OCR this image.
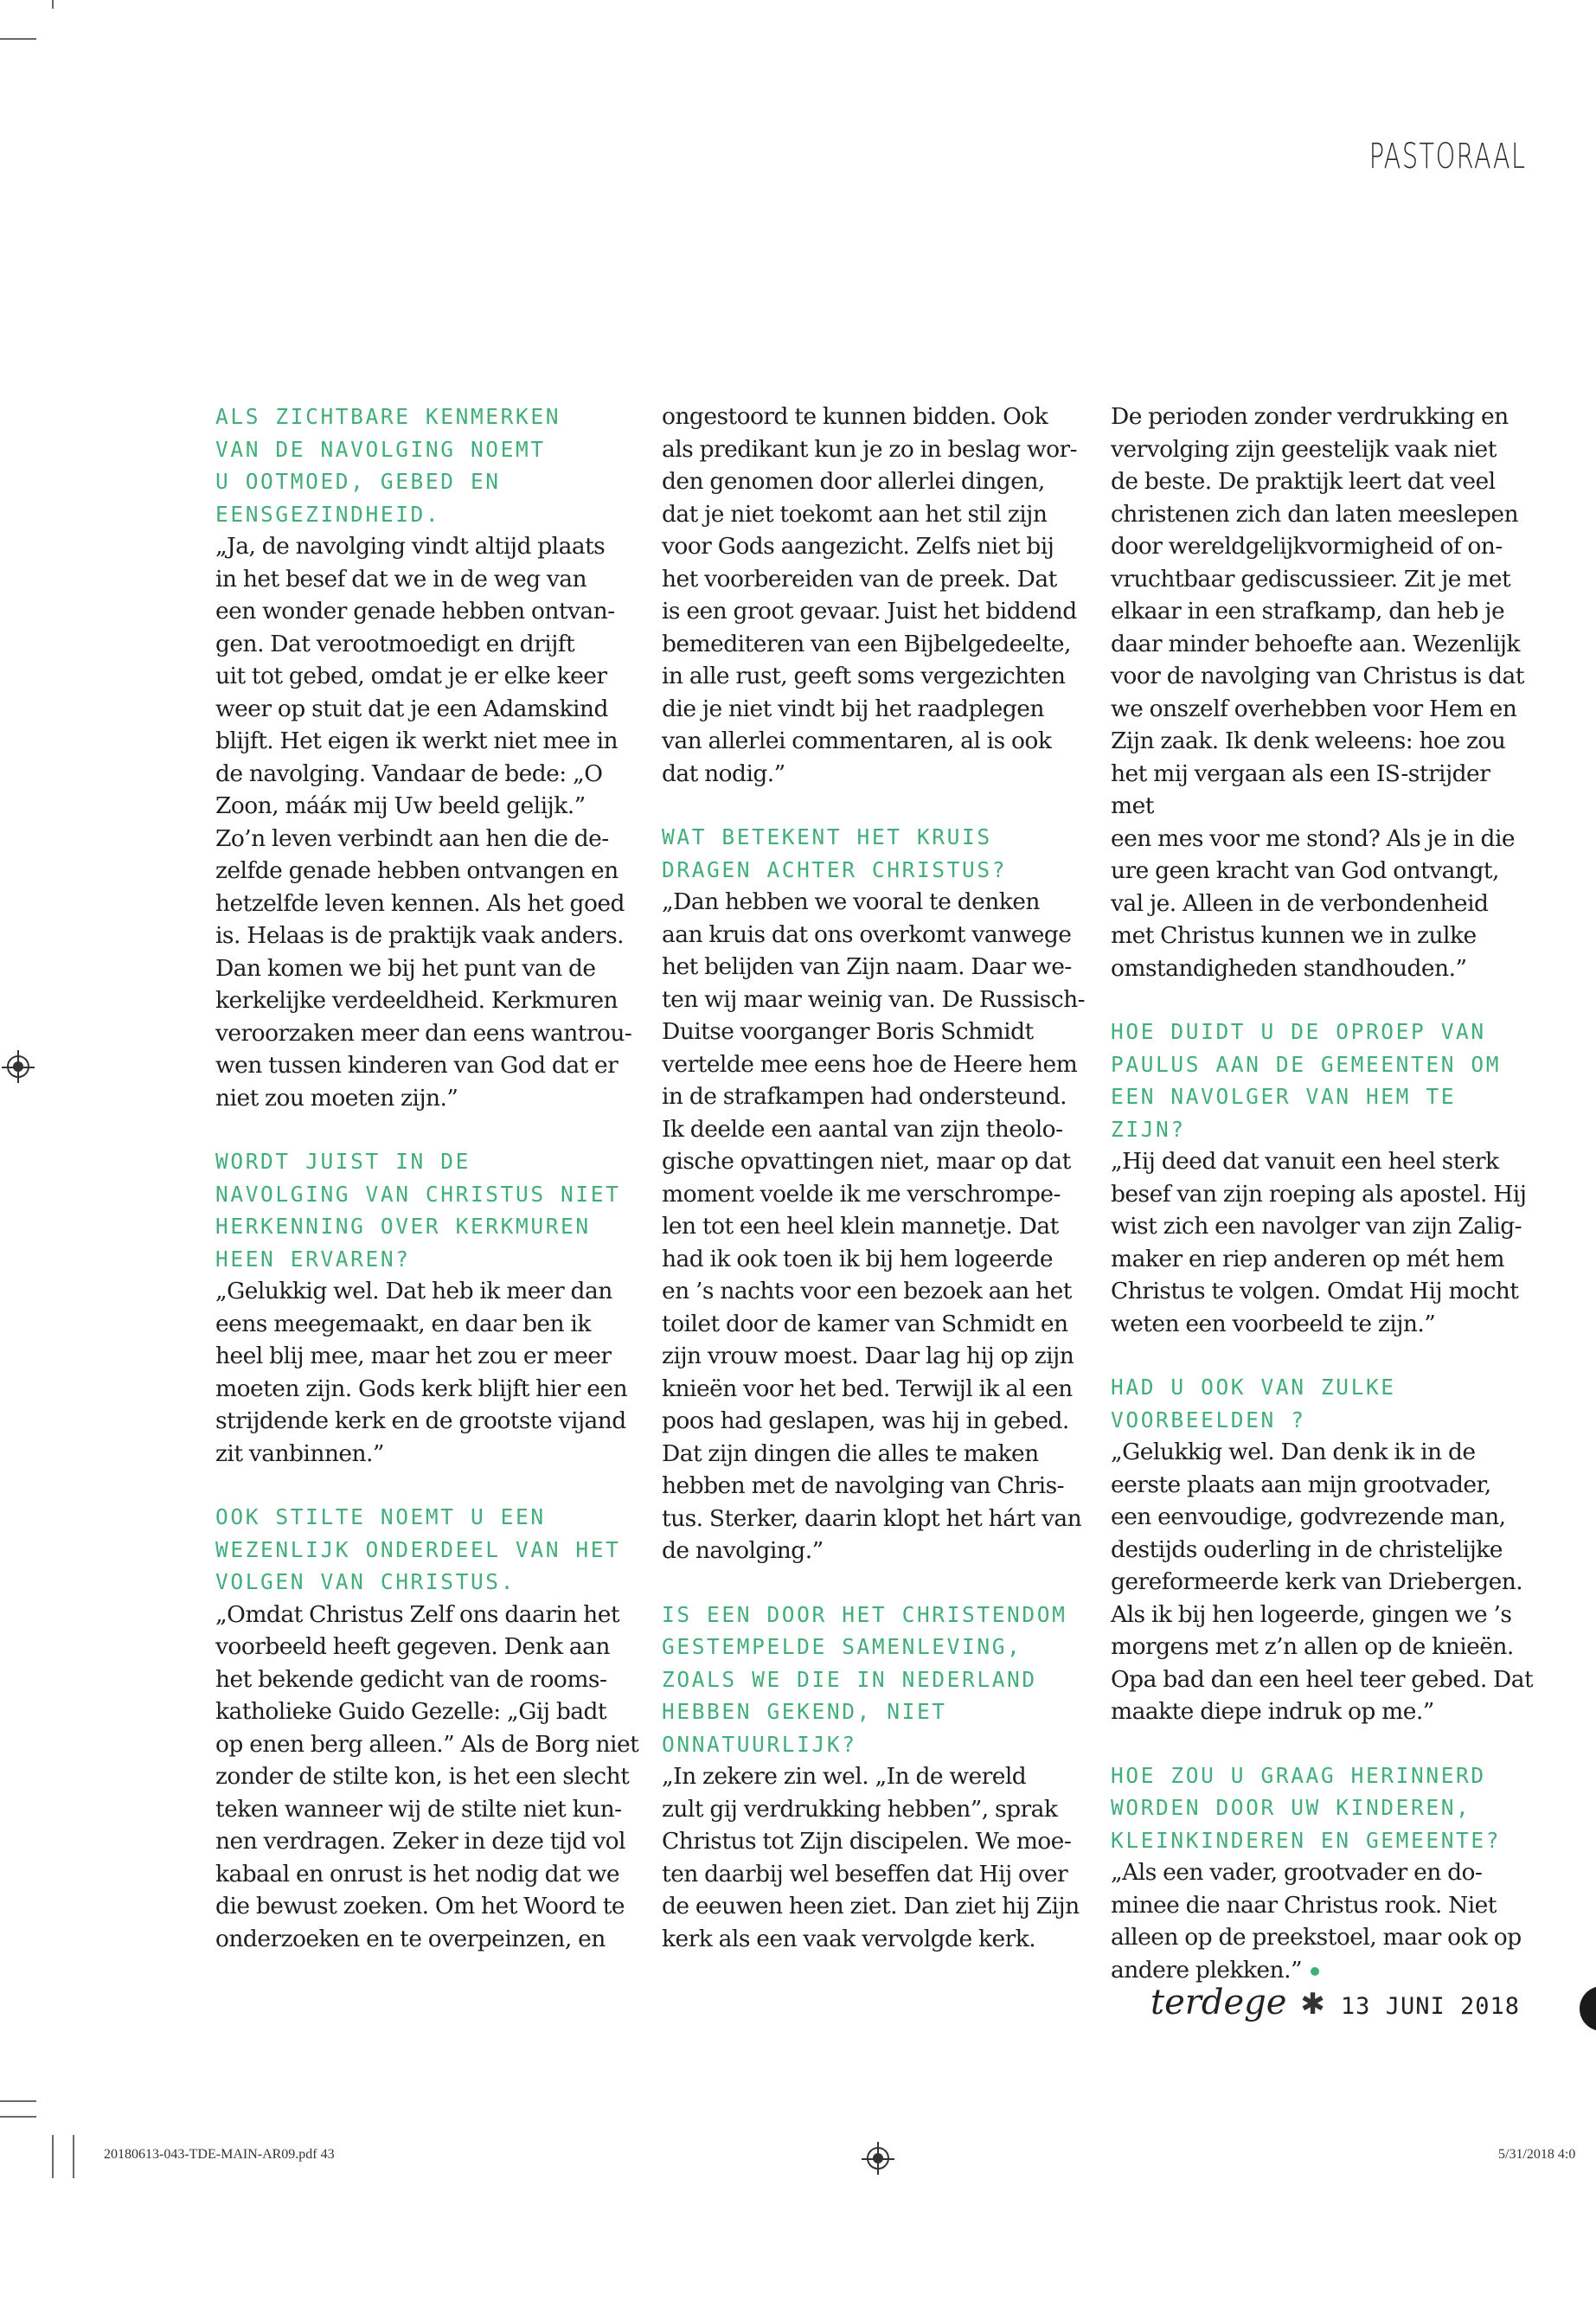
PASTORAAL
ALS ZICHTBARE KENMERKEN
VAN DE NAVOLGING NOEMT
U OOTMOED, GEBED EN
EENSGEZINDHEID.
„Ja, de navolging vindt altijd plaats
in het besef dat we in de weg van
een wonder genade hebben ontvan-
gen. Dat verootmoedigt en drijft
uit tot gebed, omdat je er elke keer
weer op stuit dat je een Adamskind
blijft. Het eigen ik werkt niet mee in
de navolging. Vandaar de bede: „O
Zoon, mááк mij Uw beeld gelijk.”
Zo’n leven verbindt aan hen die de-
zelfde genade hebben ontvangen en
hetzelfde leven kennen. Als het goed
is. Helaas is de praktijk vaak anders.
Dan komen we bij het punt van de
kerkelijke verdeeldheid. Kerkmuren
veroorzaken meer dan eens wantrou-
wen tussen kinderen van God dat er
niet zou moeten zijn.”
WORDT JUIST IN DE
NAVOLGING VAN CHRISTUS NIET
HERKENNING OVER KERKMUREN
HEEN ERVAREN?
„Gelukkig wel. Dat heb ik meer dan
eens meegemaakt, en daar ben ik
heel blij mee, maar het zou er meer
moeten zijn. Gods kerk blijft hier een
strijdende kerk en de grootste vijand
zit vanbinnen.”
OOK STILTE NOEMT U EEN
WEZENLIJK ONDERDEEL VAN HET
VOLGEN VAN CHRISTUS.
„Omdat Christus Zelf ons daarin het
voorbeeld heeft gegeven. Denk aan
het bekende gedicht van de rooms-
katholieke Guido Gezelle: „Gij badt
op enen berg alleen.” Als de Borg niet
zonder de stilte kon, is het een slecht
teken wanneer wij de stilte niet kun-
nen verdragen. Zeker in deze tijd vol
kabaal en onrust is het nodig dat we
die bewust zoeken. Om het Woord te
onderzoeken en te overpeinzen, en
ongestoord te kunnen bidden. Ook
als predikant kun je zo in beslag wor-
den genomen door allerlei dingen,
dat je niet toekomt aan het stil zijn
voor Gods aangezicht. Zelfs niet bij
het voorbereiden van de preek. Dat
is een groot gevaar. Juist het biddend
bemediteren van een Bijbelgedeelte,
in alle rust, geeft soms vergezichten
die je niet vindt bij het raadplegen
van allerlei commentaren, al is ook
dat nodig.”
WAT BETEKENT HET KRUIS
DRAGEN ACHTER CHRISTUS?
„Dan hebben we vooral te denken
aan kruis dat ons overkomt vanwege
het belijden van Zijn naam. Daar we-
ten wij maar weinig van. De Russisch-
Duitse voorganger Boris Schmidt
vertelde mee eens hoe de Heere hem
in de strafkampen had ondersteund.
Ik deelde een aantal van zijn theolo-
gische opvattingen niet, maar op dat
moment voelde ik me verschrompe-
len tot een heel klein mannetje. Dat
had ik ook toen ik bij hem logeerde
en ’s nachts voor een bezoek aan het
toilet door de kamer van Schmidt en
zijn vrouw moest. Daar lag hij op zijn
knieën voor het bed. Terwijl ik al een
poos had geslapen, was hij in gebed.
Dat zijn dingen die alles te maken
hebben met de navolging van Chris-
tus. Sterker, daarin klopt het hárt van
de navolging.”
IS EEN DOOR HET CHRISTENDOM
GESTEMPELDE SAMENLEVING,
ZOALS WE DIE IN NEDERLAND
HEBBEN GEKEND, NIET
ONNATUURLIJK?
„In zekere zin wel. „In de wereld
zult gij verdrukking hebben”, sprak
Christus tot Zijn discipelen. We moe-
ten daarbij wel beseffen dat Hij over
de eeuwen heen ziet. Dan ziet hij Zijn
kerk als een vaak vervolgde kerk.
De perioden zonder verdrukking en
vervolging zijn geestelijk vaak niet
de beste. De praktijk leert dat veel
christenen zich dan laten meeslepen
door wereldgelijkvormigheid of on-
vruchtbaar gediscussieer. Zit je met
elkaar in een strafkamp, dan heb je
daar minder behoefte aan. Wezenlijk
voor de navolging van Christus is dat
we onszelf overhebben voor Hem en
Zijn zaak. Ik denk weleens: hoe zou
het mij vergaan als een IS-strijder met
een mes voor me stond? Als je in die
ure geen kracht van God ontvangt,
val je. Alleen in de verbondenheid
met Christus kunnen we in zulke
omstandigheden standhouden.”
HOE DUIDT U DE OPROEP VAN
PAULUS AAN DE GEMEENTEN OM
EEN NAVOLGER VAN HEM TE
ZIJN?
„Hij deed dat vanuit een heel sterk
besef van zijn roeping als apostel. Hij
wist zich een navolger van zijn Zalig-
maker en riep anderen op mét hem
Christus te volgen. Omdat Hij mocht
weten een voorbeeld te zijn.”
HAD U OOK VAN ZULKE
VOORBEELDEN ?
„Gelukkig wel. Dan denk ik in de
eerste plaats aan mijn grootvader,
een eenvoudige, godvrezende man,
destijds ouderling in de christelijke
gereformeerde kerk van Driebergen.
Als ik bij hen logeerde, gingen we ’s
morgens met z’n allen op de knieën.
Opa bad dan een heel teer gebed. Dat
maakte diepe indruk op me.”
HOE ZOU U GRAAG HERINNERD
WORDEN DOOR UW KINDEREN,
KLEINKINDEREN EN GEMEENTE?
„Als een vader, grootvader en do-
minee die naar Christus rook. Niet
alleen op de preekstoel, maar ook op
andere plekken.”
terdege ✱ 13 JUNI 2018
20180613-043-TDE-MAIN-AR09.pdf 43	5/31/2018 4:0
